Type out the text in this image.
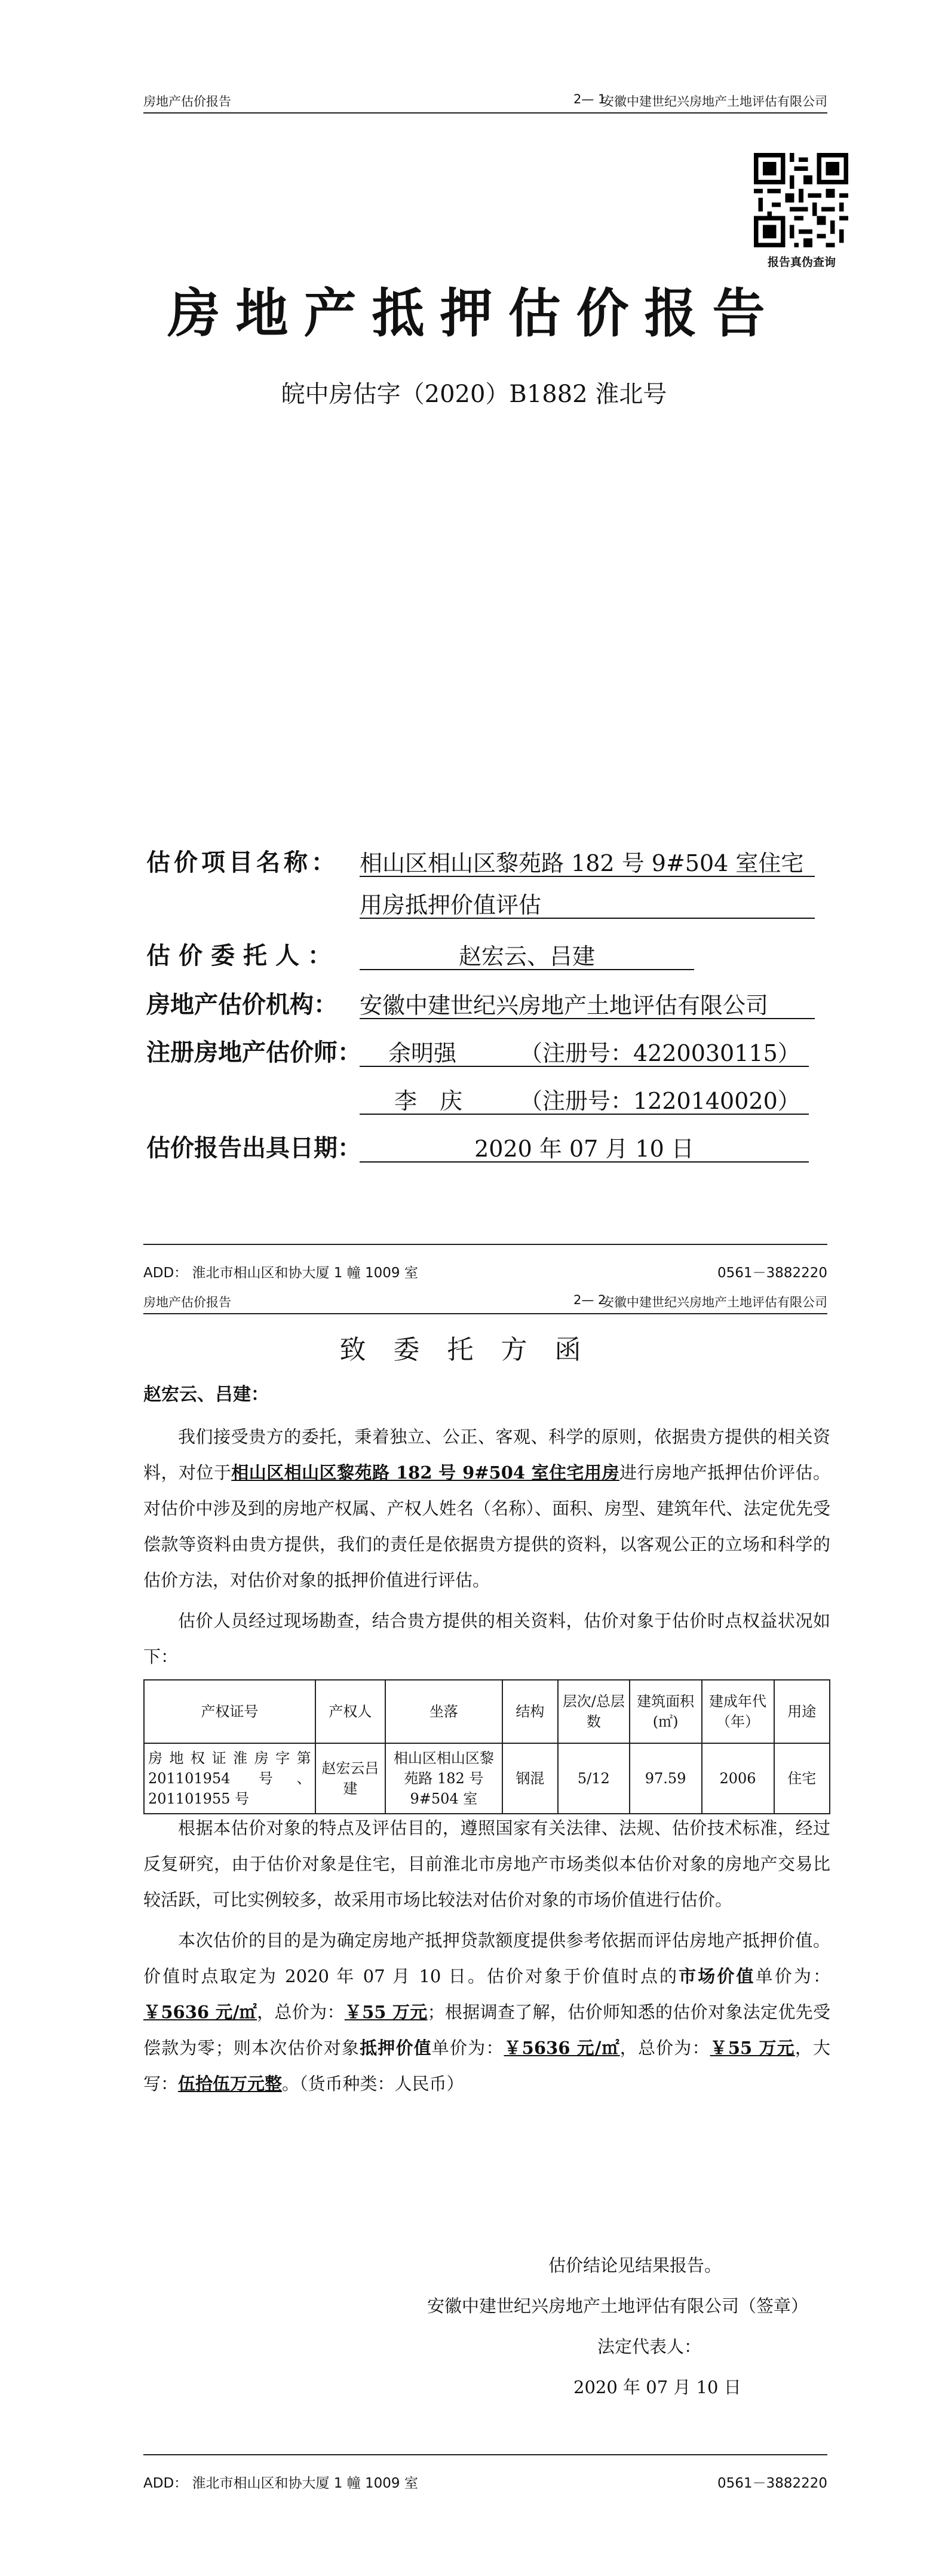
房地产估价报告	2— 1
安徽中建世纪兴房地产土地评估有限公司
报告真伪查询
房地产抵押估价报告
皖中房估字（2020）B1882 淮北号
估价项目名称： 相山区相山区黎苑路 182 号 9#504 室住宅
用房抵押价值评估
估价委托人：	赵宏云、吕建
房地产估价机构： 安徽中建世纪兴房地产土地评估有限公司
注册房地产估价师： 余明强	（注册号：4220030115）
李　庆	（注册号：1220140020）
估价报告出具日期：	2020 年 07 月 10 日
ADD： 淮北市相山区和协大厦 1 幢 1009 室	0561－3882220
房地产估价报告	2— 2
安徽中建世纪兴房地产土地评估有限公司
致委托方函
赵宏云、吕建：
我们接受贵方的委托，秉着独立、公正、客观、科学的原则，依据贵方提供的相关资料，对位于相山区相山区黎苑路 182 号 9#504 室住宅用房进行房地产抵押估价评估。对估价中涉及到的房地产权属、产权人姓名（名称）、面积、房型、建筑年代、法定优先受偿款等资料由贵方提供，我们的责任是依据贵方提供的资料，以客观公正的立场和科学的估价方法，对估价对象的抵押价值进行评估。
估价人员经过现场勘查，结合贵方提供的相关资料，估价对象于估价时点权益状况如下：
产权证号	产权人	坐落	结构	层次/总层数	建筑面积(㎡)	建成年代（年）	用途
房地权证淮房字第 201101954 号、201101955 号	赵宏云吕建	相山区相山区黎苑路 182 号 9#504 室	钢混	5/12	97.59	2006	住宅
根据本估价对象的特点及评估目的，遵照国家有关法律、法规、估价技术标准，经过反复研究，由于估价对象是住宅，目前淮北市房地产市场类似本估价对象的房地产交易比较活跃，可比实例较多，故采用市场比较法对估价对象的市场价值进行估价。
本次估价的目的是为确定房地产抵押贷款额度提供参考依据而评估房地产抵押价值。价值时点取定为 2020 年 07 月 10 日。估价对象于价值时点的市场价值单价为：￥5636 元/㎡，总价为：￥55 万元；根据调查了解，估价师知悉的估价对象法定优先受偿款为零；则本次估价对象抵押价值单价为：￥5636 元/㎡，总价为：￥55 万元，大写：伍拾伍万元整。（货币种类：人民币）
估价结论见结果报告。
安徽中建世纪兴房地产土地评估有限公司（签章）
法定代表人：
2020 年 07 月 10 日
ADD： 淮北市相山区和协大厦 1 幢 1009 室	0561－3882220
